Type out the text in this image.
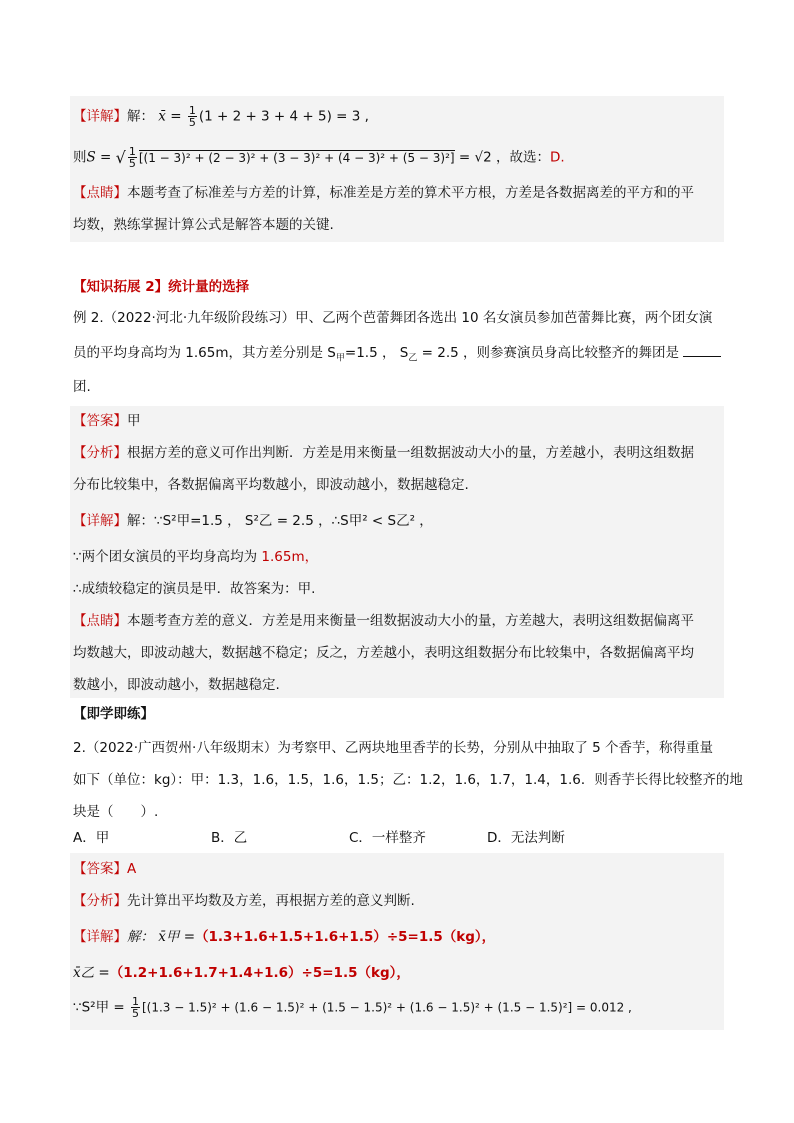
【详解】解： x̄ = $\frac{1}{5} (1 + 2 + 3 + 4 + 5) = 3$ ,
则S = √ $\frac{1}{5} [(1 - 3)^2 + (2 - 3)^2 + (3 - 3)^2 + (4 - 3)^2 + (5 - 3)^2] = √2$ ，故选：D.
【点睛】本题考查了标准差与方差的计算，标准差是方差的算术平方根，方差是各数据离差的平方和的平
均数，熟练掌握计算公式是解答本题的关键.
【知识拓展 2】统计量的选择
例 2.（2022·河北·九年级阶段练习）甲、乙两个芭蕾舞团各选出 10 名女演员参加芭蕾舞比赛，两个团女演
员的平均身高均为 1.65m，其方差分别是 $S_甲=1.5$ ， $S_乙 = 2.5$ ，则参赛演员身高比较整齐的舞团是
团.
【答案】甲
【分析】根据方差的意义可作出判断．方差是用来衡量一组数据波动大小的量，方差越小，表明这组数据
分布比较集中，各数据偏离平均数越小，即波动越小，数据越稳定.
【详解】解：∵S²甲=1.5 ， S²乙 = 2.5 ，∴S甲² < S乙² ，
∵两个团女演员的平均身高均为 1.65m，
∴成绩较稳定的演员是甲．故答案为：甲.
【点睛】本题考查方差的意义．方差是用来衡量一组数据波动大小的量，方差越大，表明这组数据偏离平
均数越大，即波动越大，数据越不稳定；反之，方差越小，表明这组数据分布比较集中，各数据偏离平均
数越小，即波动越小，数据越稳定.
【即学即练】
2.（2022·广西贺州·八年级期末）为考察甲、乙两块地里香芋的长势，分别从中抽取了 5 个香芋，称得重量
如下（单位：kg）：甲：1.3，1.6，1.5，1.6，1.5；乙：1.2，1.6，1.7，1.4，1.6．则香芋长得比较整齐的地
块是（　　）.
A．甲	B．乙	C．一样整齐	D．无法判断
【答案】A
【分析】先计算出平均数及方差，再根据方差的意义判断.
【详解】解： x̄甲 =（1.3+1.6+1.5+1.6+1.5）÷5=1.5（kg），
x̄乙 =（1.2+1.6+1.7+1.4+1.6）÷5=1.5（kg），
∵S²甲 = $\frac{1}{5} [(1.3 - 1.5)^2 + (1.6 - 1.5)^2 + (1.5 - 1.5)^2 + (1.6 - 1.5)^2 + (1.5 - 1.5)^2] = 0.012$ ,
